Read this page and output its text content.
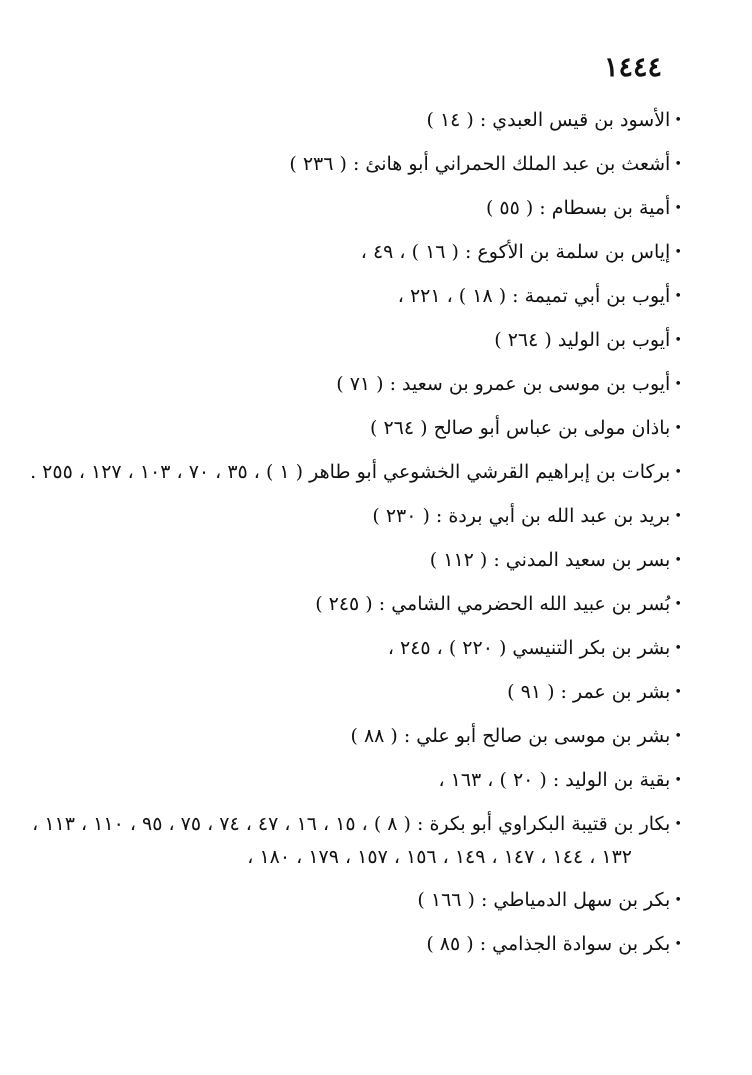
١٤٤٤
•الأسود بن قيس العبدي : ( ١٤ )
•أشعث بن عبد الملك الحمراني أبو هانئ : ( ٢٣٦ )
•أمية بن بسطام : ( ٥٥ )
•إياس بن سلمة بن الأكوع : ( ١٦ ) ، ٤٩ ،
•أيوب بن أبي تميمة : ( ١٨ ) ، ٢٢١ ،
•أيوب بن الوليد ( ٢٦٤ )
•أيوب بن موسى بن عمرو بن سعيد : ( ٧١ )
•باذان مولى بن عباس أبو صالح ( ٢٦٤ )
•بركات بن إبراهيم القرشي الخشوعي أبو طاهر ( ١ ) ، ٣٥ ، ٧٠ ، ١٠٣ ، ١٢٧ ، ٢٥٥ .
•بريد بن عبد الله بن أبي بردة : ( ٢٣٠ )
•بسر بن سعيد المدني : ( ١١٢ )
•بُسر بن عبيد الله الحضرمي الشامي : ( ٢٤٥ )
•بشر بن بكر التنيسي ( ٢٢٠ ) ، ٢٤٥ ،
•بشر بن عمر : ( ٩١ )
•بشر بن موسى بن صالح أبو علي : ( ٨٨ )
•بقية بن الوليد : ( ٢٠ ) ، ١٦٣ ،
•بكار بن قتيبة البكراوي أبو بكرة : ( ٨ ) ، ١٥ ، ١٦ ، ٤٧ ، ٧٤ ، ٧٥ ، ٩٥ ، ١١٠ ، ١١٣ ،
١٣٢ ، ١٤٤ ، ١٤٧ ، ١٤٩ ، ١٥٦ ، ١٥٧ ، ١٧٩ ، ١٨٠ ،
•بكر بن سهل الدمياطي : ( ١٦٦ )
•بكر بن سوادة الجذامي : ( ٨٥ )
